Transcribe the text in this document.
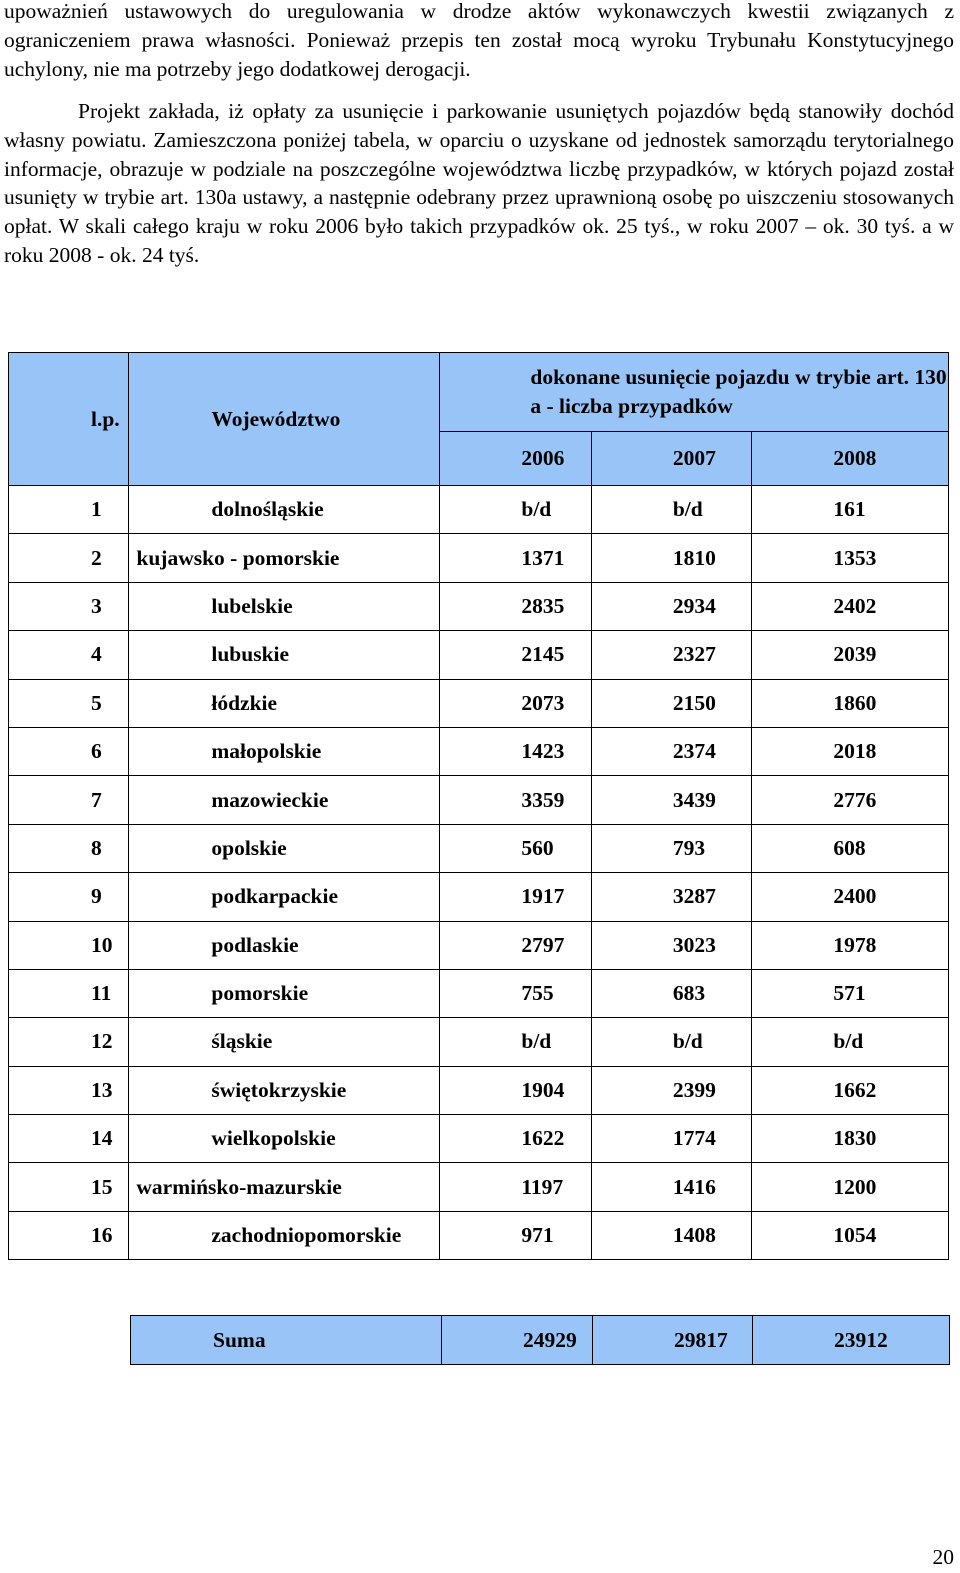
upoważnień ustawowych do uregulowania w drodze aktów wykonawczych kwestii związanych z ograniczeniem prawa własności. Ponieważ przepis ten został mocą wyroku Trybunału Konstytucyjnego uchylony, nie ma potrzeby jego dodatkowej derogacji.
Projekt zakłada, iż opłaty za usunięcie i parkowanie usuniętych pojazdów będą stanowiły dochód własny powiatu. Zamieszczona poniżej tabela, w oparciu o uzyskane od jednostek samorządu terytorialnego informacje, obrazuje w podziale na poszczególne województwa liczbę przypadków, w których pojazd został usunięty w trybie art. 130a ustawy, a następnie odebrany przez uprawnioną osobę po uiszczeniu stosowanych opłat. W skali całego kraju w roku 2006 było takich przypadków ok. 25 tyś., w roku 2007 – ok. 30 tyś. a w roku 2008 - ok. 24 tyś.
l.p.	Województwo	dokonane usunięcie pojazdu w trybie art. 130 a - liczba przypadków		
		2006	2007	2008
1	dolnośląskie	b/d	b/d	161
2	kujawsko - pomorskie	1371	1810	1353
3	lubelskie	2835	2934	2402
4	lubuskie	2145	2327	2039
5	łódzkie	2073	2150	1860
6	małopolskie	1423	2374	2018
7	mazowieckie	3359	3439	2776
8	opolskie	560	793	608
9	podkarpackie	1917	3287	2400
10	podlaskie	2797	3023	1978
11	pomorskie	755	683	571
12	śląskie	b/d	b/d	b/d
13	świętokrzyskie	1904	2399	1662
14	wielkopolskie	1622	1774	1830
15	warmińsko-mazurskie	1197	1416	1200
16	zachodniopomorskie	971	1408	1054
Suma	24929	29817	23912
20
